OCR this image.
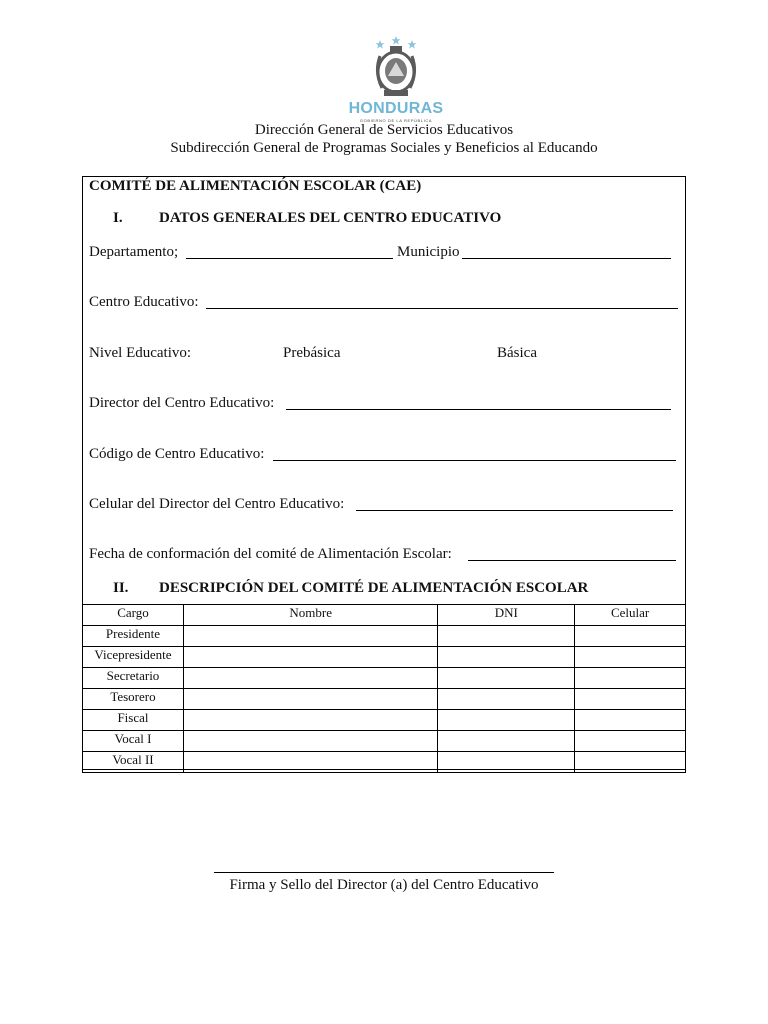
HONDURAS
GOBIERNO DE LA REPÚBLICA
Dirección General de Servicios Educativos
Subdirección General de Programas Sociales y Beneficios al Educando
COMITÉ DE ALIMENTACIÓN ESCOLAR (CAE)
I. DATOS GENERALES DEL CENTRO EDUCATIVO
Departamento;	Municipio
Centro Educativo:
Nivel Educativo:	Prebásica	Básica
Director del Centro Educativo:
Código de Centro Educativo:
Celular del Director del Centro Educativo:
Fecha de conformación del comité de Alimentación Escolar:
II. DESCRIPCIÓN DEL COMITÉ DE ALIMENTACIÓN ESCOLAR
Cargo	Nombre	DNI	Celular
Presidente			
Vicepresidente			
Secretario			
Tesorero			
Fiscal			
Vocal I			
Vocal II			
Firma y Sello del Director (a) del Centro Educativo
